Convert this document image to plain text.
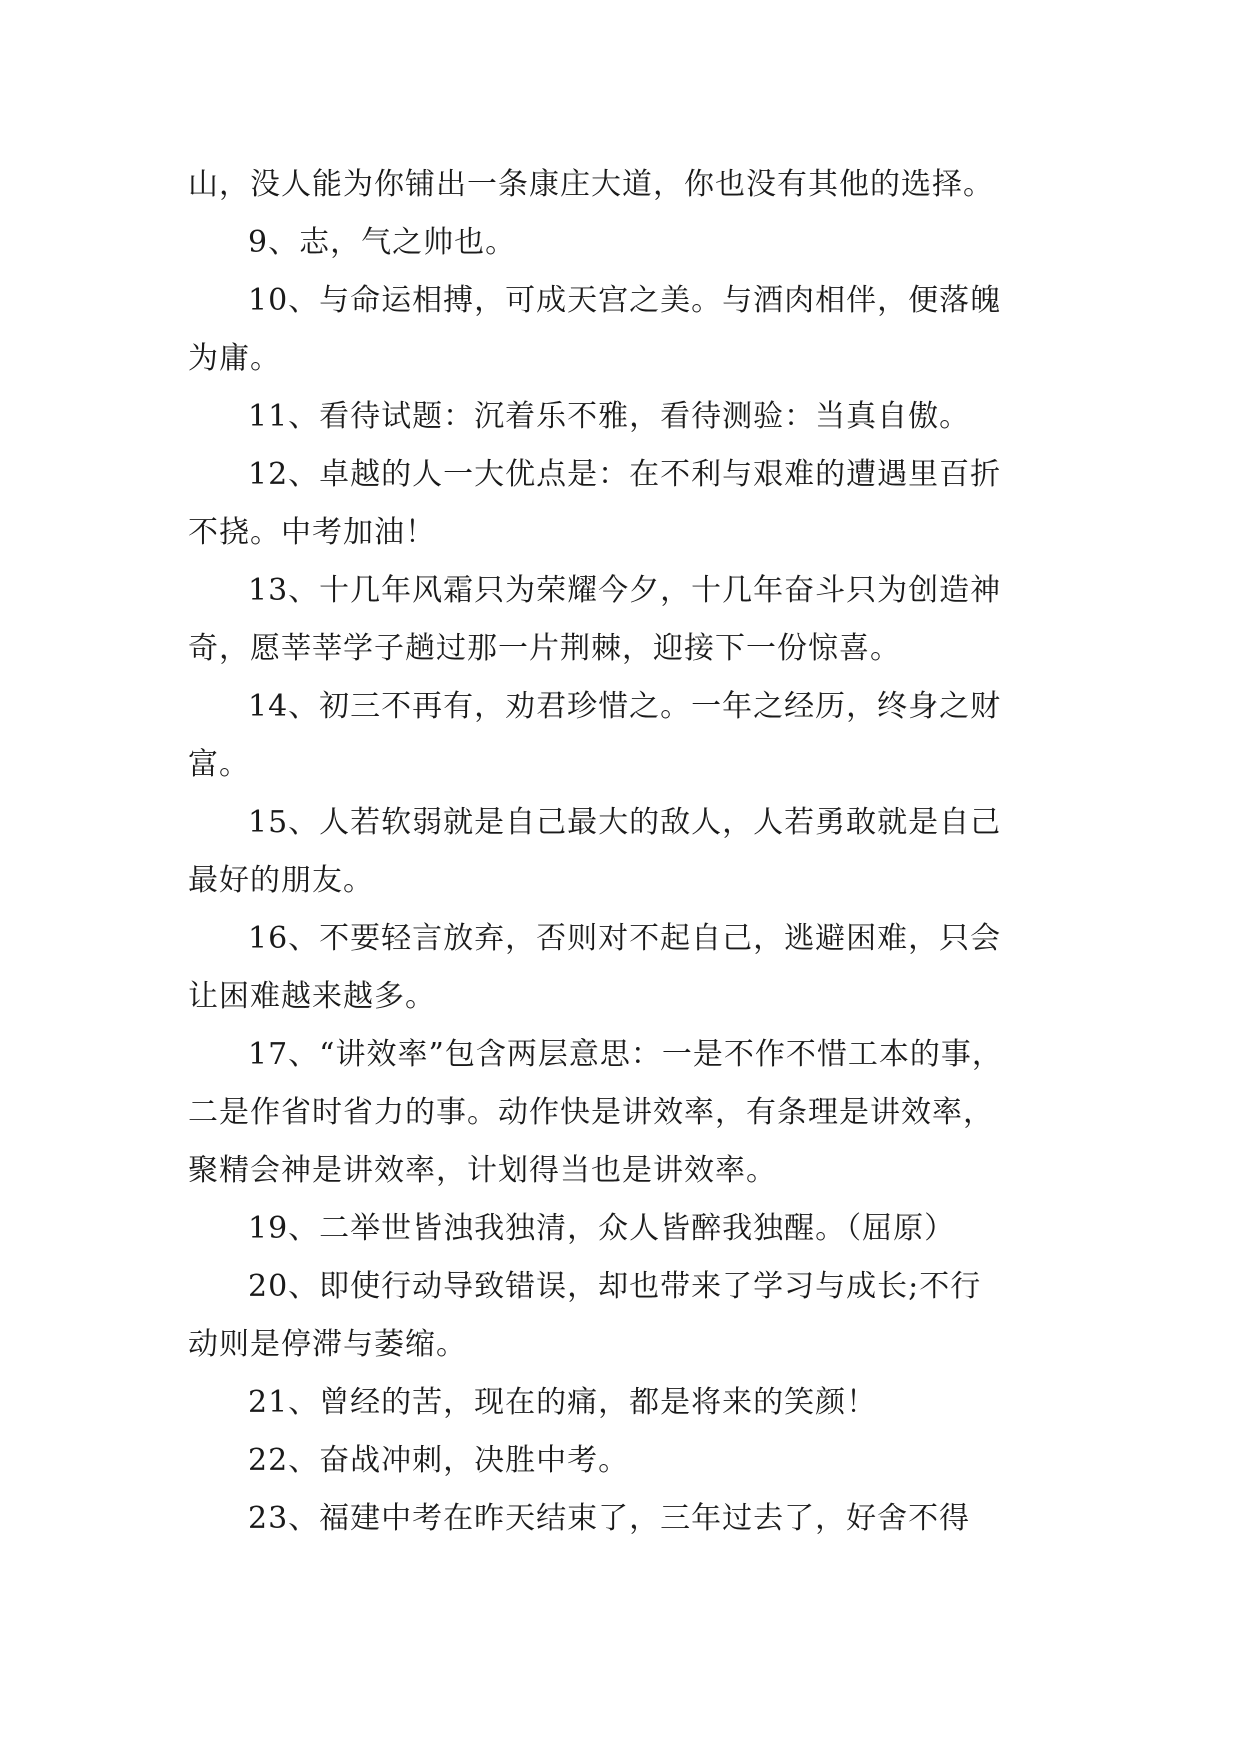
山，没人能为你铺出一条康庄大道，你也没有其他的选择。
9、志，气之帅也。
10、与命运相搏，可成天宫之美。与酒肉相伴，便落魄
为庸。
11、看待试题：沉着乐不雅，看待测验：当真自傲。
12、卓越的人一大优点是：在不利与艰难的遭遇里百折
不挠。中考加油！
13、十几年风霜只为荣耀今夕，十几年奋斗只为创造神
奇，愿莘莘学子趟过那一片荆棘，迎接下一份惊喜。
14、初三不再有，劝君珍惜之。一年之经历，终身之财
富。
15、人若软弱就是自己最大的敌人，人若勇敢就是自己
最好的朋友。
16、不要轻言放弃，否则对不起自己，逃避困难，只会
让困难越来越多。
17、“讲效率”包含两层意思：一是不作不惜工本的事，
二是作省时省力的事。动作快是讲效率，有条理是讲效率，
聚精会神是讲效率，计划得当也是讲效率。
19、二举世皆浊我独清，众人皆醉我独醒。（屈原）
20、即使行动导致错误，却也带来了学习与成长;不行
动则是停滞与萎缩。
21、曾经的苦，现在的痛，都是将来的笑颜！
22、奋战冲刺，决胜中考。
23、福建中考在昨天结束了，三年过去了，好舍不得
